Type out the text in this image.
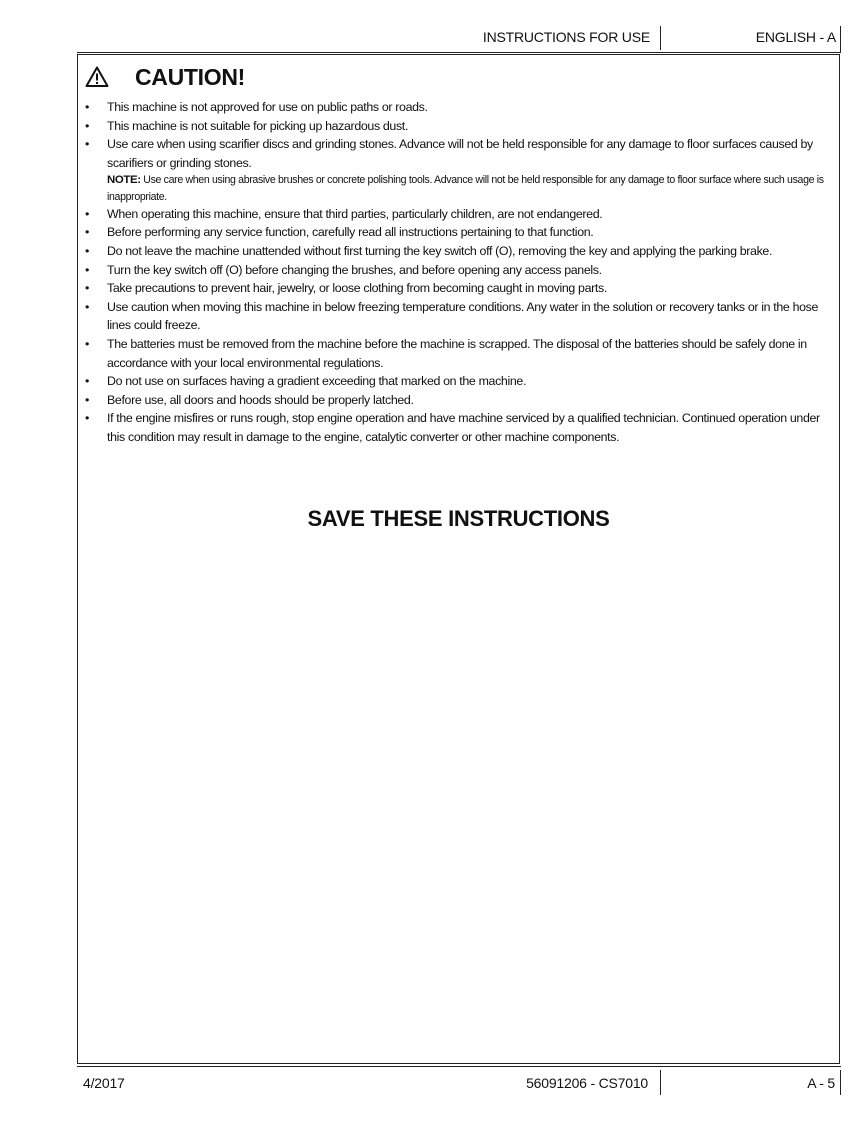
INSTRUCTIONS FOR USE	ENGLISH - A
CAUTION!
• This machine is not approved for use on public paths or roads.
• This machine is not suitable for picking up hazardous dust.
• Use care when using scarifier discs and grinding stones. Advance will not be held responsible for any damage to floor surfaces caused by scarifiers or grinding stones.
NOTE: Use care when using abrasive brushes or concrete polishing tools. Advance will not be held responsible for any damage to floor surface where such usage is inappropriate.
• When operating this machine, ensure that third parties, particularly children, are not endangered.
• Before performing any service function, carefully read all instructions pertaining to that function.
• Do not leave the machine unattended without first turning the key switch off (O), removing the key and applying the parking brake.
• Turn the key switch off (O) before changing the brushes, and before opening any access panels.
• Take precautions to prevent hair, jewelry, or loose clothing from becoming caught in moving parts.
• Use caution when moving this machine in below freezing temperature conditions. Any water in the solution or recovery tanks or in the hose lines could freeze.
• The batteries must be removed from the machine before the machine is scrapped. The disposal of the batteries should be safely done in accordance with your local environmental regulations.
• Do not use on surfaces having a gradient exceeding that marked on the machine.
• Before use, all doors and hoods should be properly latched.
• If the engine misfires or runs rough, stop engine operation and have machine serviced by a qualified technician. Continued operation under this condition may result in damage to the engine, catalytic converter or other machine components.
SAVE THESE INSTRUCTIONS
4/2017	56091206 - CS7010	A - 5
